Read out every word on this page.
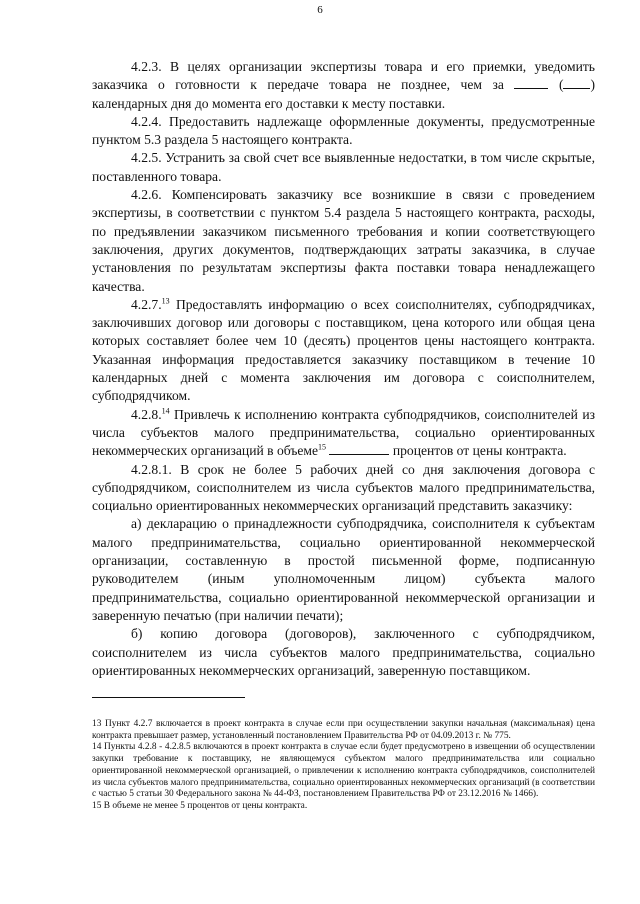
6

4.2.3. В целях организации экспертизы товара и его приемки, уведомить заказчика о готовности к передаче товара не позднее, чем за	( ) календарных дня до момента его доставки к месту поставки.

4.2.4. Предоставить надлежаще оформленные документы, предусмотренные пунктом 5.3 раздела 5 настоящего контракта.

4.2.5. Устранить за свой счет все выявленные недостатки, в том числе скрытые, поставленного товара.

4.2.6. Компенсировать заказчику все возникшие в связи с проведением экспертизы, в соответствии с пунктом 5.4 раздела 5 настоящего контракта, расходы, по предъявлении заказчиком письменного требования и копии соответствующего заключения, других документов, подтверждающих затраты заказчика, в случае установления по результатам экспертизы факта поставки товара ненадлежащего качества.

4.2.7.13 Предоставлять информацию о всех соисполнителях, субподрядчиках, заключивших договор или договоры с поставщиком, цена которого или общая цена которых составляет более чем 10 (десять) процентов цены настоящего контракта. Указанная информация предоставляется заказчику поставщиком в течение 10 календарных дней с момента заключения им договора с соисполнителем, субподрядчиком.

4.2.8.14 Привлечь к исполнению контракта субподрядчиков, соисполнителей из числа субъектов малого предпринимательства, социально ориентированных некоммерческих организаций в объеме$^{15}$	процентов от цены контракта.

4.2.8.1. В срок не более 5 рабочих дней со дня заключения договора с субподрядчиком, соисполнителем из числа субъектов малого предпринимательства, социально ориентированных некоммерческих организаций представить заказчику:

а) декларацию о принадлежности субподрядчика, соисполнителя к субъектам малого предпринимательства, социально ориентированной некоммерческой организации, составленную в простой письменной форме, подписанную руководителем (иным уполномоченным лицом) субъекта малого предпринимательства, социально ориентированной некоммерческой организации и заверенную печатью (при наличии печати);

б) копию договора (договоров), заключенного с субподрядчиком, соисполнителем из числа субъектов малого предпринимательства, социально ориентированных некоммерческих организаций, заверенную поставщиком.

13 Пункт 4.2.7 включается в проект контракта в случае если при осуществлении закупки начальная (максимальная) цена контракта превышает размер, установленный постановлением Правительства РФ от 04.09.2013 г. № 775.

14 Пункты 4.2.8 - 4.2.8.5 включаются в проект контракта в случае если будет предусмотрено в извещении об осуществлении закупки требование к поставщику, не являющемуся субъектом малого предпринимательства или социально ориентированной некоммерческой организацией, о привлечении к исполнению контракта субподрядчиков, соисполнителей из числа субъектов малого предпринимательства, социально ориентированных некоммерческих организаций (в соответствии с частью 5 статьи 30 Федерального закона № 44-ФЗ, постановлением Правительства РФ от 23.12.2016 № 1466).

15 В объеме не менее 5 процентов от цены контракта.
